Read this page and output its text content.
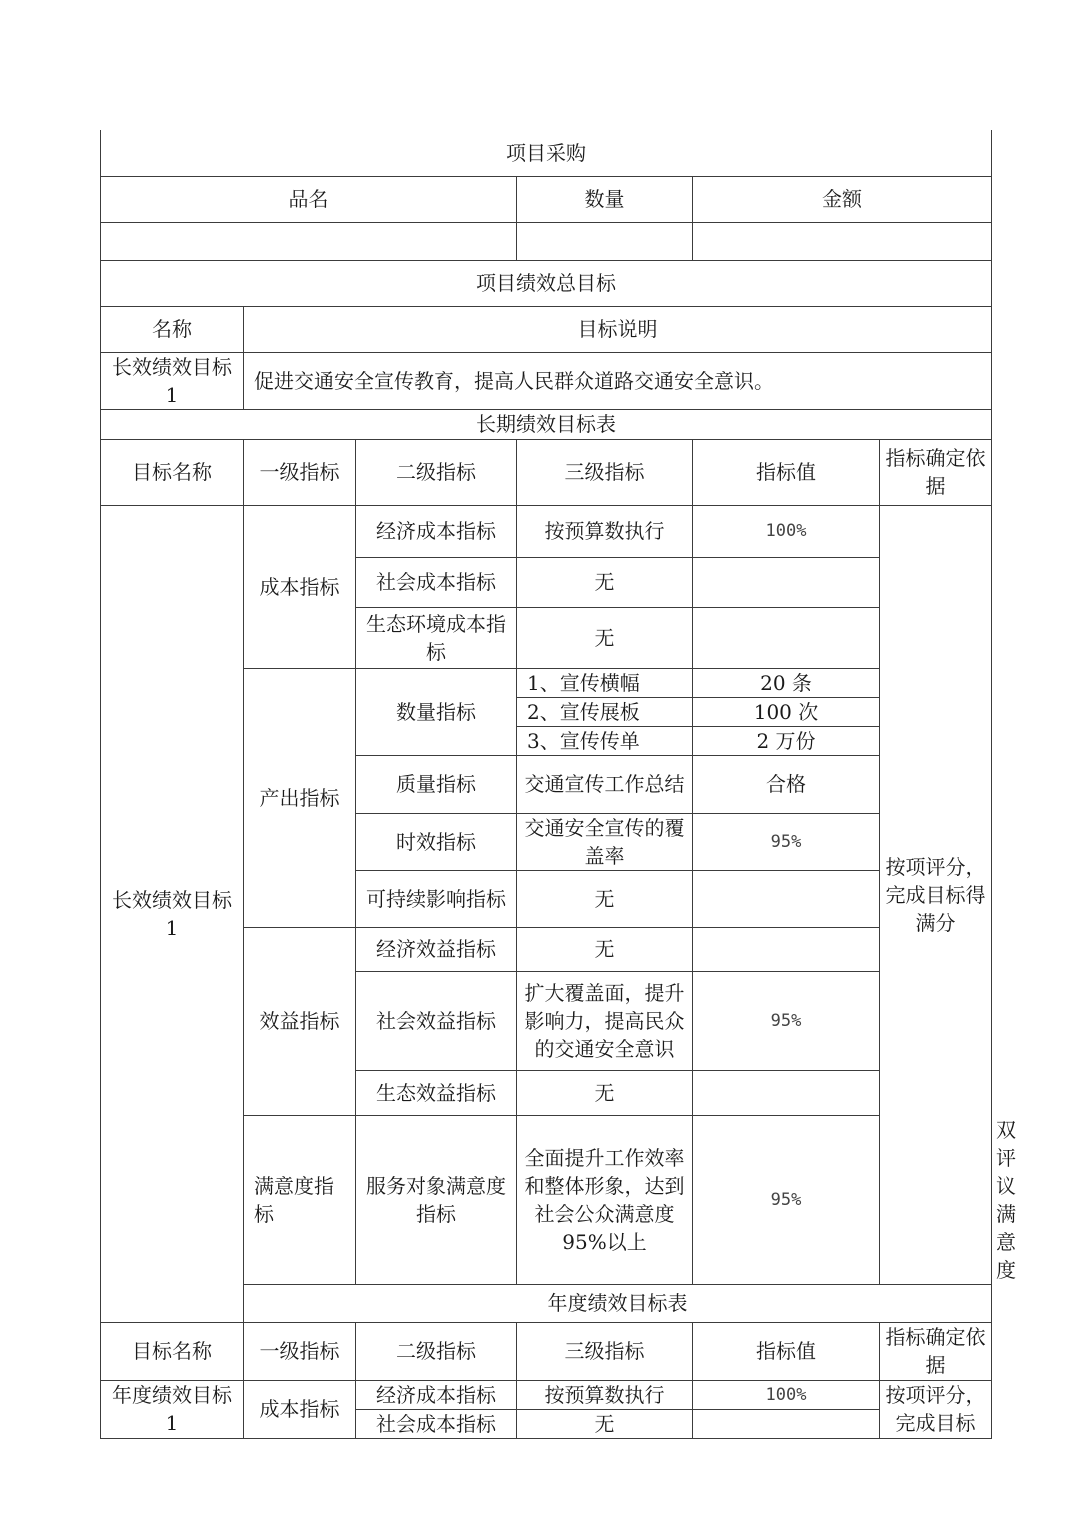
项目采购						
品名			数量	金额		

项目绩效总目标						
名称	目标说明					
长效绩效目标 1	促进交通安全宣传教育，提高人民群众道路交通安全意识。					
长期绩效目标表						
目标名称	一级指标	二级指标	三级指标	指标值	指标确定依据	
长效绩效目标 1	成本指标	经济成本指标	按预算数执行	100%	按项评分，完成目标得满分	
		社会成本指标	无			
		生态环境成本指标	无			
	产出指标	数量指标	1、宣传横幅	20 条		
			2、宣传展板	100 次		
			3、宣传传单	2 万份		
		质量指标	交通宣传工作总结	合格		
		时效指标	交通安全宣传的覆盖率	95%		
		可持续影响指标	无			
	效益指标	经济效益指标	无			
		社会效益指标	扩大覆盖面，提升影响力，提高民众的交通安全意识	95%		
		生态效益指标	无			
	满意度指标	服务对象满意度指标	全面提升工作效率和整体形象，达到社会公众满意度 95%以上	95%		双评议满意度
	年度绩效目标表					
目标名称	一级指标	二级指标	三级指标	指标值	指标确定依据	
年度绩效目标 1	成本指标	经济成本指标	按预算数执行	100%	按项评分，完成目标	
		社会成本指标	无			
